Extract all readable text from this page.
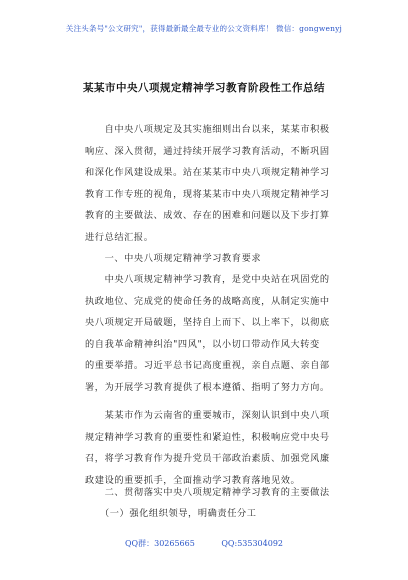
关注头条号"公文研究"，获得最新最全最专业的公文资料库！ 微信：gongwenyj
某某市中央八项规定精神学习教育阶段性工作总结
　　自中央八项规定及其实施细则出台以来，某某市积极
响应、深入贯彻，通过持续开展学习教育活动，不断巩固
和深化作风建设成果。站在某某市中央八项规定精神学习
教育工作专班的视角，现将某某市中央八项规定精神学习
教育的主要做法、成效、存在的困难和问题以及下步打算
进行总结汇报。
　　一、中央八项规定精神学习教育要求
　　中央八项规定精神学习教育，是党中央站在巩固党的
执政地位、完成党的使命任务的战略高度，从制定实施中
央八项规定开局破题，坚持自上而下、以上率下，以彻底
的自我革命精神纠治"四风"，以小切口带动作风大转变
的重要举措。习近平总书记高度重视，亲自点题、亲自部
署，为开展学习教育提供了根本遵循、指明了努力方向。
　　某某市作为云南省的重要城市，深刻认识到中央八项
规定精神学习教育的重要性和紧迫性，积极响应党中央号
召，将学习教育作为提升党员干部政治素质、加强党风廉
政建设的重要抓手，全面推动学习教育落地见效。
　　二、贯彻落实中央八项规定精神学习教育的主要做法
　　（一）强化组织领导，明确责任分工
QQ群：30265665	QQ:535304092
